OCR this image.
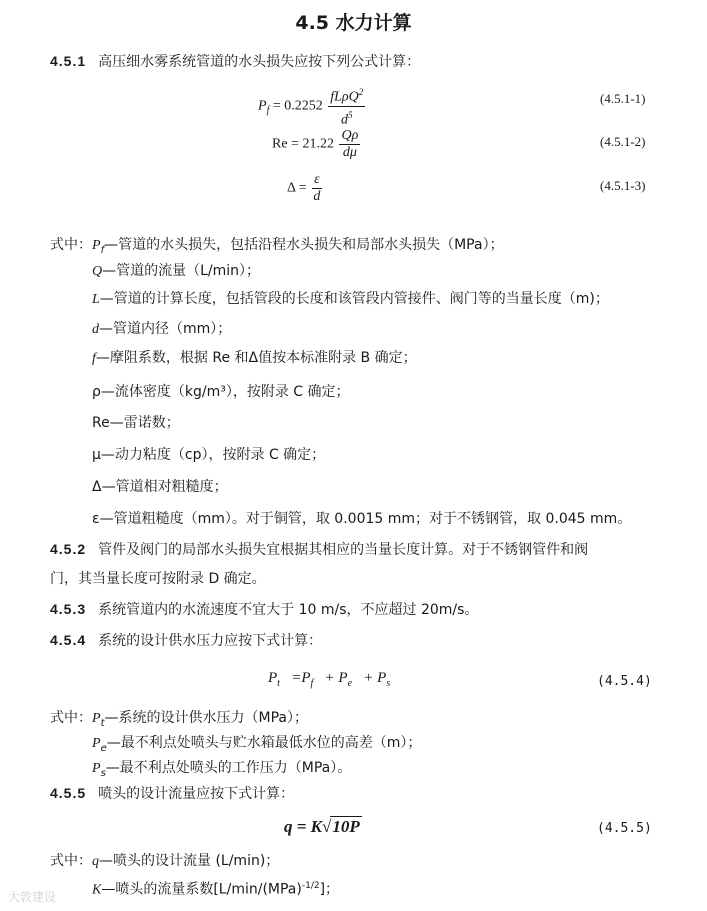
4.5 水力计算
4.5.1 高压细水雾系统管道的水头损失应按下列公式计算：
$P_f = 0.2252 \frac{fL\rho Q^2}{d^5}$	(4.5.1-1)
$Re = 21.22 \frac{Q\rho}{d\mu}$	(4.5.1-2)
$\Delta = \frac{\varepsilon}{d}$	(4.5.1-3)
式中： $P_f—$管道的水头损失，包括沿程水头损失和局部水头损失（MPa）；
Q—管道的流量（L/min）；
L—管道的计算长度，包括管段的长度和该管段内管接件、阀门等的当量长度（m)；
d—管道内径（mm）；
f—摩阻系数，根据 Re 和Δ值按本标准附录 B 确定；
ρ—流体密度（kg/m³），按附录 C 确定；
Re—雷诺数；
μ—动力粘度（cp），按附录 C 确定；
Δ—管道相对粗糙度；
ε—管道粗糙度（mm）。对于铜管，取 0.0015 mm；对于不锈钢管，取 0.045 mm。
4.5.2 管件及阀门的局部水头损失宜根据其相应的当量长度计算。对于不锈钢管件和阀
门，其当量长度可按附录 D 确定。
4.5.3 系统管道内的水流速度不宜大于 10 m/s，不应超过 20m/s。
4.5.4 系统的设计供水压力应按下式计算：
$P_t =P_f + P_e + P_s$	(4.5.4)
式中： $P_t—$系统的设计供水压力（MPa）；
$P_e—$最不利点处喷头与贮水箱最低水位的高差（m）；
$P_s—$最不利点处喷头的工作压力（MPa）。
4.5.5 喷头的设计流量应按下式计算：
q = K√10P	(4.5.5)
式中： q—喷头的设计流量 (L/min)；
K—喷头的流量系数[L/min/(MPa)$^{-1/2}$]；
大敦建设
